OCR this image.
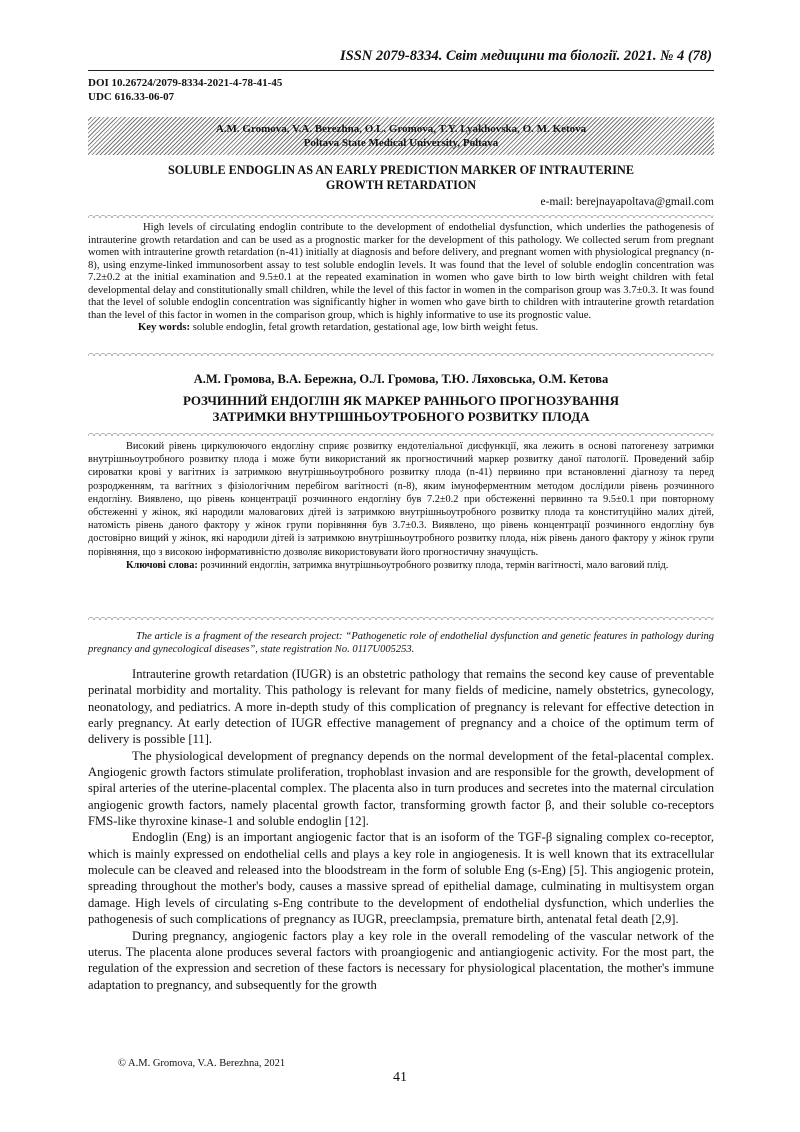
ISSN 2079-8334. Світ медицини та біології. 2021. № 4 (78)
DOI 10.26724/2079-8334-2021-4-78-41-45
UDC 616.33-06-07
A.M. Gromova, V.A. Berezhna, O.L. Gromova, T.Y. Lyakhovska, O. M. Ketova
Poltava State Medical University, Poltava
SOLUBLE ENDOGLIN AS AN EARLY PREDICTION MARKER OF INTRAUTERINE
GROWTH RETARDATION
e-mail: berejnayapoltava@gmail.com

High levels of circulating endoglin contribute to the development of endothelial dysfunction, which underlies the pathogenesis of intrauterine growth retardation and can be used as a prognostic marker for the development of this pathology. We collected serum from pregnant women with intrauterine growth retardation (n-41) initially at diagnosis and before delivery, and pregnant women with physiological pregnancy (n-8), using enzyme-linked immunosorbent assay to test soluble endoglin levels. It was found that the level of soluble endoglin concentration was 7.2±0.2 at the initial examination and 9.5±0.1 at the repeated examination in women who gave birth to low birth weight children with fetal developmental delay and constitutionally small children, while the level of this factor in women in the comparison group was 3.7±0.3. It was found that the level of soluble endoglin concentration was significantly higher in women who gave birth to children with intrauterine growth retardation than the level of this factor in women in the comparison group, which is highly informative to use its prognostic value.

Key words: soluble endoglin, fetal growth retardation, gestational age, low birth weight fetus.

А.М. Громова, В.А. Бережна, О.Л. Громова, Т.Ю. Ляховська, О.М. Кетова
РОЗЧИННИЙ ЕНДОГЛІН ЯК МАРКЕР РАННЬОГО ПРОГНОЗУВАННЯ
ЗАТРИМКИ ВНУТРІШНЬОУТРОБНОГО РОЗВИТКУ ПЛОДА

Високий рівень циркулюючого ендогліну сприяє розвитку ендотеліальної дисфункції, яка лежить в основі патогенезу затримки внутрішньоутробного розвитку плода і може бути використаний як прогностичний маркер розвитку даної патології. Проведений забір сироватки крові у вагітних із затримкою внутрішньоутробного розвитку плода (n-41) первинно при встановленні діагнозу та перед розродженням, та вагітних з фізіологічним перебігом вагітності (n-8), яким імуноферментним методом дослідили рівень розчинного ендогліну. Виявлено, що рівень концентрації розчинного ендогліну був 7.2±0.2 при обстеженні первинно та 9.5±0.1 при повторному обстеженні у жінок, які народили маловагових дітей із затримкою внутрішньоутробного розвитку плода та конституційно малих дітей, натомість рівень даного фактору у жінок групи порівняння був 3.7±0.3. Виявлено, що рівень концентрації розчинного ендогліну був достовірно вищий у жінок, які народили дітей із затримкою внутрішньоутробного розвитку плода, ніж рівень даного фактору у жінок групи порівняння, що з високою інформативністю дозволяє використовувати його прогностичну значущість.

Ключові слова: розчинний ендоглін, затримка внутрішньоутробного розвитку плода, термін вагітності, мало ваговий плід.

The article is a fragment of the research project: “Pathogenetic role of endothelial dysfunction and genetic features in pathology during pregnancy and gynecological diseases”, state registration No. 0117U005253.

Intrauterine growth retardation (IUGR) is an obstetric pathology that remains the second key cause of preventable perinatal morbidity and mortality. This pathology is relevant for many fields of medicine, namely obstetrics, gynecology, neonatology, and pediatrics. A more in-depth study of this complication of pregnancy is relevant for effective detection in early pregnancy. At early detection of IUGR effective management of pregnancy and a choice of the optimum term of delivery is possible [11].

The physiological development of pregnancy depends on the normal development of the fetal-placental complex. Angiogenic growth factors stimulate proliferation, trophoblast invasion and are responsible for the growth, development of spiral arteries of the uterine-placental complex. The placenta also in turn produces and secretes into the maternal circulation angiogenic growth factors, namely placental growth factor, transforming growth factor β, and their soluble co-receptors FMS-like thyroxine kinase-1 and soluble endoglin [12].

Endoglin (Eng) is an important angiogenic factor that is an isoform of the TGF-β signaling complex co-receptor, which is mainly expressed on endothelial cells and plays a key role in angiogenesis. It is well known that its extracellular molecule can be cleaved and released into the bloodstream in the form of soluble Eng (s-Eng) [5]. This angiogenic protein, spreading throughout the mother's body, causes a massive spread of epithelial damage, culminating in multisystem organ damage. High levels of circulating s-Eng contribute to the development of endothelial dysfunction, which underlies the pathogenesis of such complications of pregnancy as IUGR, preeclampsia, premature birth, antenatal fetal death [2,9].

During pregnancy, angiogenic factors play a key role in the overall remodeling of the vascular network of the uterus. The placenta alone produces several factors with proangiogenic and antiangiogenic activity. For the most part, the regulation of the expression and secretion of these factors is necessary for physiological placentation, the mother's immune adaptation to pregnancy, and subsequently for the growth

© A.M. Gromova, V.A. Berezhna, 2021
41
